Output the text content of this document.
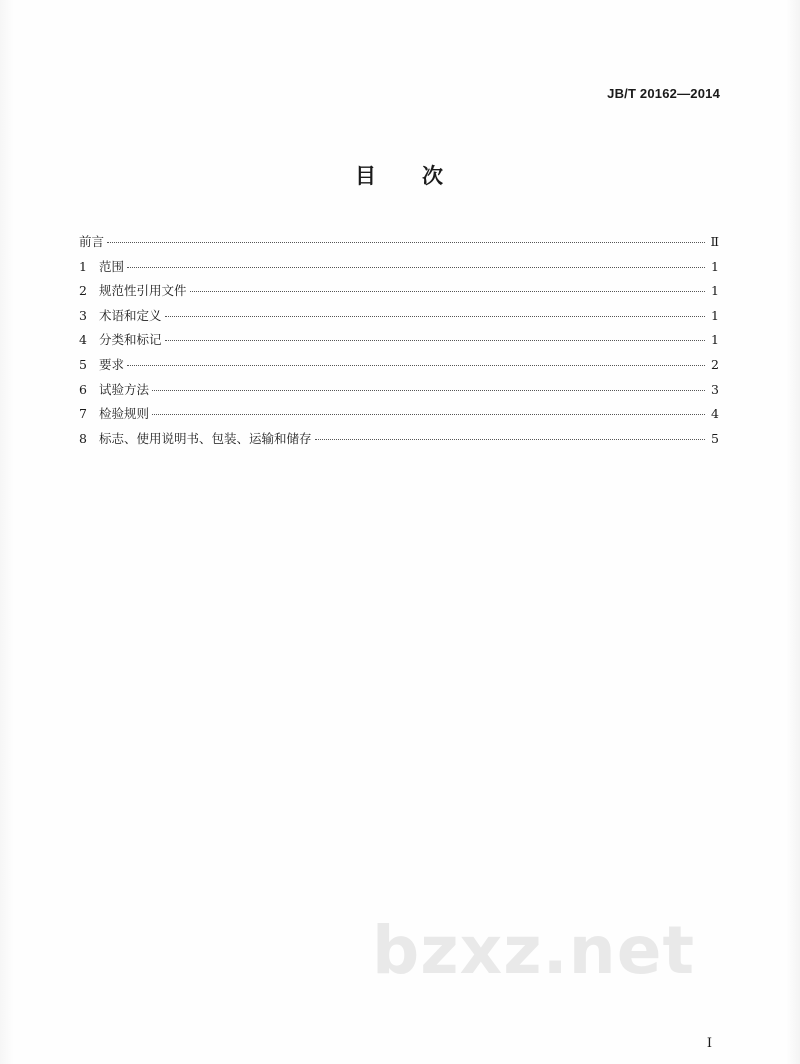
JB/T 20162—2014
目 次
前言	Ⅱ
1 范围	1
2 规范性引用文件	1
3 术语和定义	1
4 分类和标记	1
5 要求	2
6 试验方法	3
7 检验规则	4
8 标志、使用说明书、包装、运输和储存	5
bzxz.net
I
